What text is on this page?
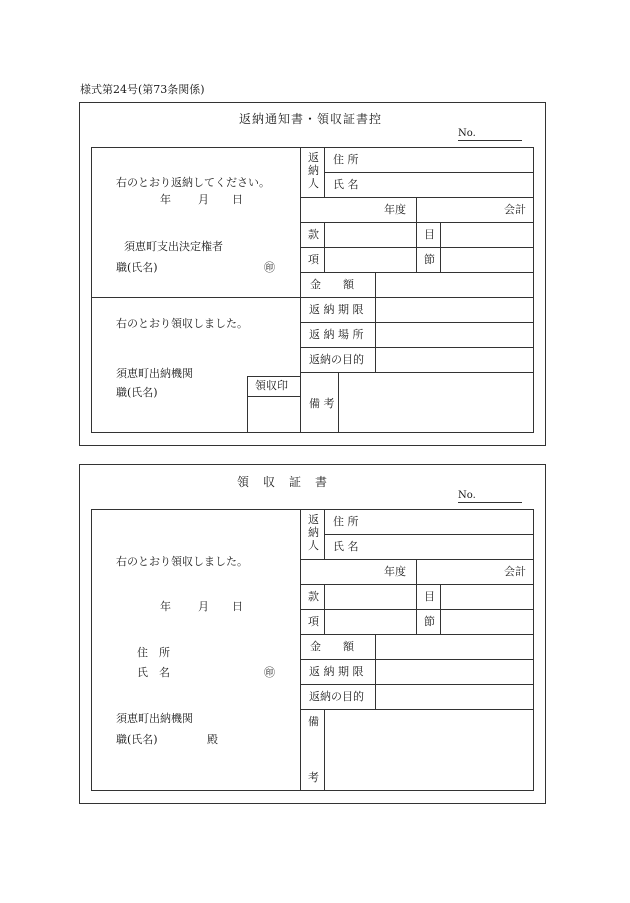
様式第24号(第73条関係)
返納通知書・領収証書控
No.
右のとおり返納してください。
年 月 日
須恵町支出決定権者
職(氏名)	㊞
右のとおり領収しました。
須恵町出納機関
職(氏名)
領収印
返
納
人
住 所
氏 名
年度	会計
款	目
項	節
金　　額
返 納 期 限
返 納 場 所
返納の目的
備 考
領　収　証　書
No.
右のとおり領収しました。
年 月 日
住　所
氏　名	㊞
須恵町出納機関
職(氏名)	殿
返
納
人
住 所
氏 名
年度	会計
款	目
項	節
金　　額
返 納 期 限
返納の目的
備
考
